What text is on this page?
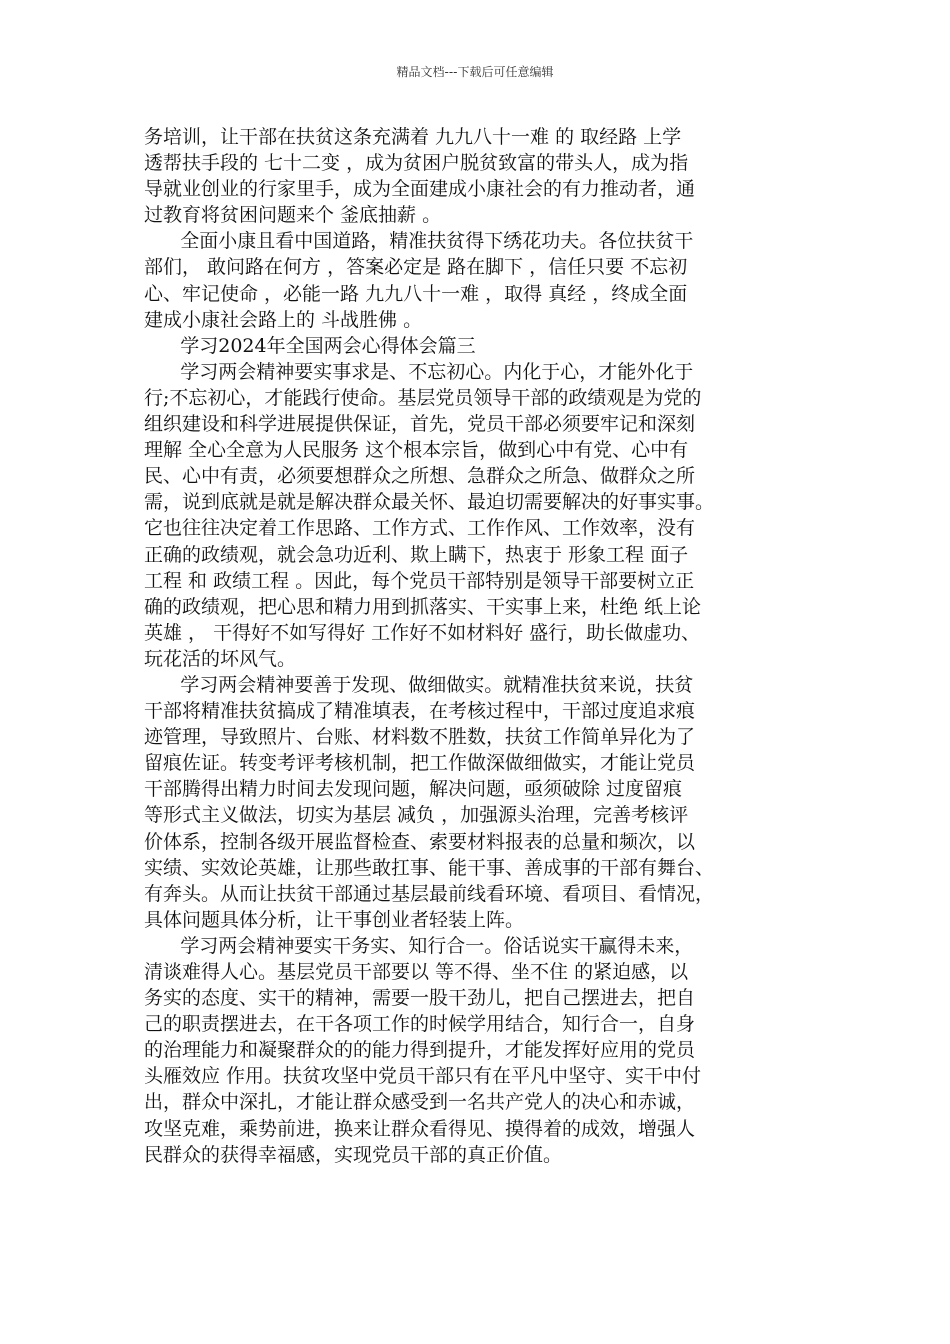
精品文档---下载后可任意编辑
务培训，让干部在扶贫这条充满着 九九八十一难 的 取经路 上学
透帮扶手段的 七十二变 ，成为贫困户脱贫致富的带头人，成为指
导就业创业的行家里手，成为全面建成小康社会的有力推动者，通
过教育将贫困问题来个 釜底抽薪 。
全面小康且看中国道路，精准扶贫得下绣花功夫。各位扶贫干
部们， 敢问路在何方 ，答案必定是 路在脚下 ，信任只要 不忘初
心、牢记使命 ，必能一路 九九八十一难 ，取得 真经 ，终成全面
建成小康社会路上的 斗战胜佛 。
学习2024年全国两会心得体会篇三
学习两会精神要实事求是、不忘初心。内化于心，才能外化于
行;不忘初心，才能践行使命。基层党员领导干部的政绩观是为党的
组织建设和科学进展提供保证，首先，党员干部必须要牢记和深刻
理解 全心全意为人民服务 这个根本宗旨，做到心中有党、心中有
民、心中有责，必须要想群众之所想、急群众之所急、做群众之所
需，说到底就是就是解决群众最关怀、最迫切需要解决的好事实事。
它也往往决定着工作思路、工作方式、工作作风、工作效率，没有
正确的政绩观，就会急功近利、欺上瞒下，热衷于 形象工程 面子
工程 和 政绩工程 。因此，每个党员干部特别是领导干部要树立正
确的政绩观，把心思和精力用到抓落实、干实事上来，杜绝 纸上论
英雄 ， 干得好不如写得好 工作好不如材料好 盛行，助长做虚功、
玩花活的坏风气。
学习两会精神要善于发现、做细做实。就精准扶贫来说，扶贫
干部将精准扶贫搞成了精准填表，在考核过程中，干部过度追求痕
迹管理，导致照片、台账、材料数不胜数，扶贫工作简单异化为了
留痕佐证。转变考评考核机制，把工作做深做细做实，才能让党员
干部腾得出精力时间去发现问题，解决问题，亟须破除 过度留痕
等形式主义做法，切实为基层 减负 ，加强源头治理，完善考核评
价体系，控制各级开展监督检查、索要材料报表的总量和频次，以
实绩、实效论英雄，让那些敢扛事、能干事、善成事的干部有舞台、
有奔头。从而让扶贫干部通过基层最前线看环境、看项目、看情况，
具体问题具体分析，让干事创业者轻装上阵。
学习两会精神要实干务实、知行合一。俗话说实干赢得未来，
清谈难得人心。基层党员干部要以 等不得、坐不住 的紧迫感，以
务实的态度、实干的精神，需要一股干劲儿，把自己摆进去，把自
己的职责摆进去，在干各项工作的时候学用结合，知行合一，自身
的治理能力和凝聚群众的的能力得到提升，才能发挥好应用的党员
头雁效应 作用。扶贫攻坚中党员干部只有在平凡中坚守、实干中付
出，群众中深扎，才能让群众感受到一名共产党人的决心和赤诚，
攻坚克难，乘势前进，换来让群众看得见、摸得着的成效，增强人
民群众的获得幸福感，实现党员干部的真正价值。
